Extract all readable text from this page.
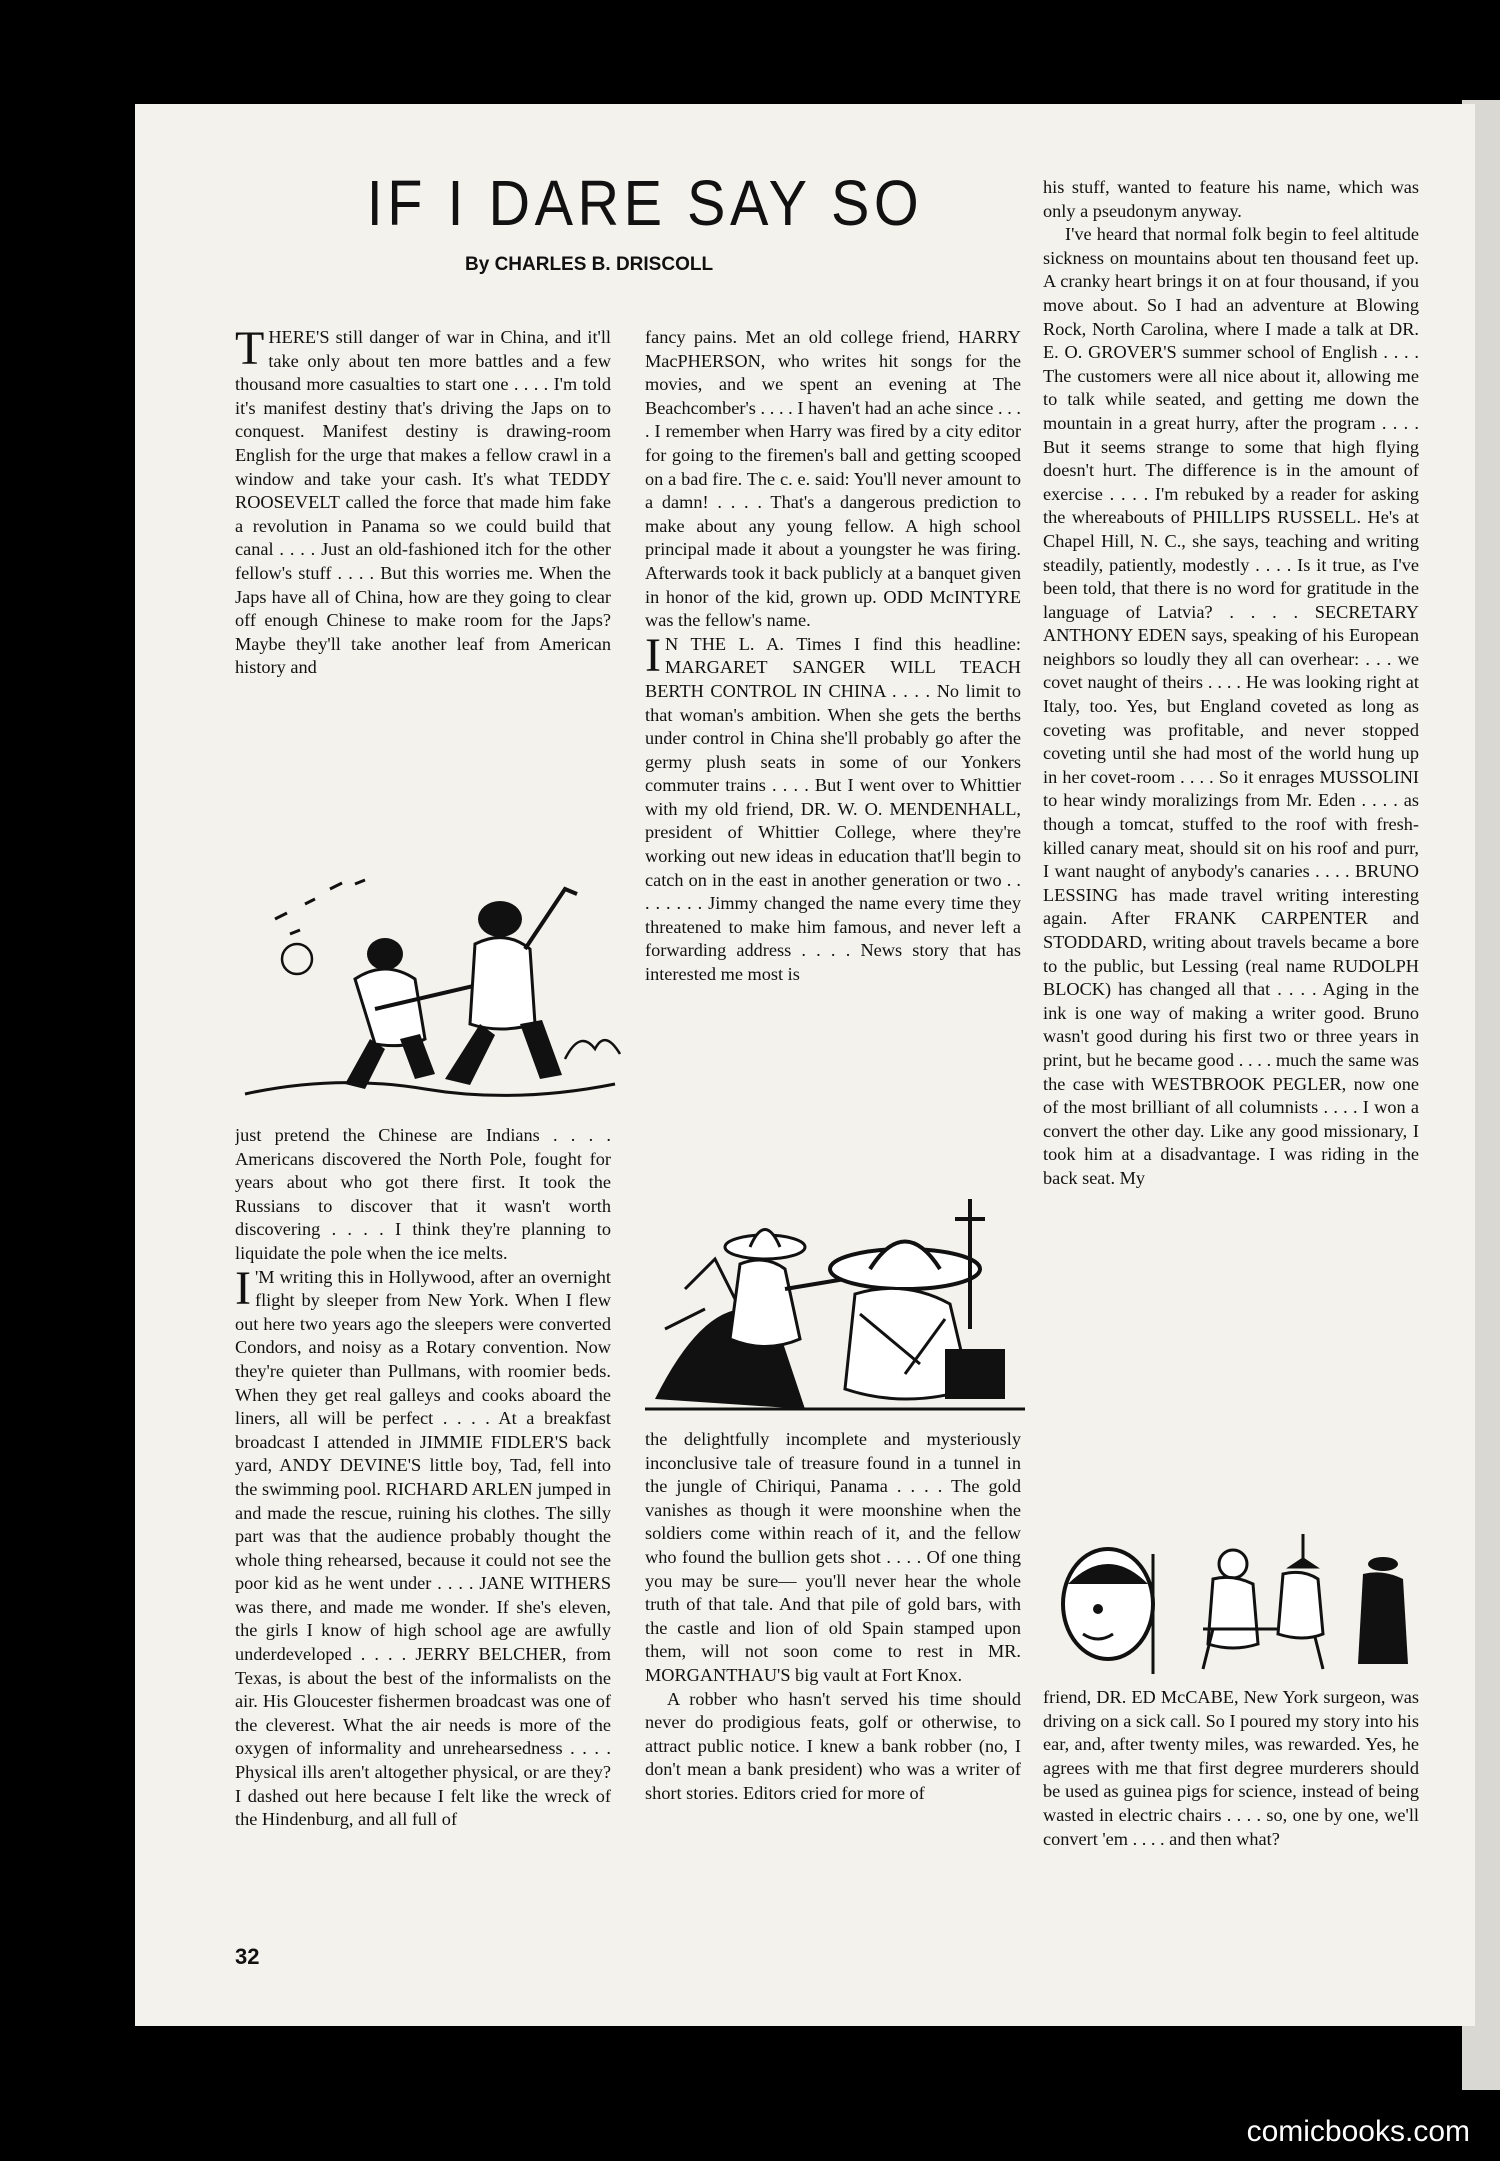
IF I DARE SAY SO
By CHARLES B. DRISCOLL

THERE'S still danger of war in China, and it'll take only about ten more battles and a few thousand more casualties to start one . . . . I'm told it's manifest destiny that's driving the Japs on to conquest. Manifest destiny is drawing-room English for the urge that makes a fellow crawl in a window and take your cash. It's what TEDDY ROOSEVELT called the force that made him fake a revolution in Panama so we could build that canal . . . . Just an old-fashioned itch for the other fellow's stuff . . . . But this worries me. When the Japs have all of China, how are they going to clear off enough Chinese to make room for the Japs? Maybe they'll take another leaf from American history and

just pretend the Chinese are Indians . . . . Americans discovered the North Pole, fought for years about who got there first. It took the Russians to discover that it wasn't worth discovering . . . . I think they're planning to liquidate the pole when the ice melts.

I 'M writing this in Hollywood, after an overnight flight by sleeper from New York. When I flew out here two years ago the sleepers were converted Condors, and noisy as a Rotary convention. Now they're quieter than Pullmans, with roomier beds. When they get real galleys and cooks aboard the liners, all will be perfect . . . . At a breakfast broadcast I attended in JIMMIE FIDLER'S back yard, ANDY DEVINE'S little boy, Tad, fell into the swimming pool. RICHARD ARLEN jumped in and made the rescue, ruining his clothes. The silly part was that the audience probably thought the whole thing rehearsed, because it could not see the poor kid as he went under . . . . JANE WITHERS was there, and made me wonder. If she's eleven, the girls I know of high school age are awfully underdeveloped . . . . JERRY BELCHER, from Texas, is about the best of the informalists on the air. His Gloucester fishermen broadcast was one of the cleverest. What the air needs is more of the oxygen of informality and unrehearsedness . . . . Physical ills aren't altogether physical, or are they? I dashed out here because I felt like the wreck of the Hindenburg, and all full of

fancy pains. Met an old college friend, HARRY MacPHERSON, who writes hit songs for the movies, and we spent an evening at The Beachcomber's . . . . I haven't had an ache since . . . . I remember when Harry was fired by a city editor for going to the firemen's ball and getting scooped on a bad fire. The c. e. said: You'll never amount to a damn! . . . . That's a dangerous prediction to make about any young fellow. A high school principal made it about a youngster he was firing. Afterwards took it back publicly at a banquet given in honor of the kid, grown up. ODD McINTYRE was the fellow's name.

I N THE L. A. Times I find this headline: MARGARET SANGER WILL TEACH BERTH CONTROL IN CHINA . . . . No limit to that woman's ambition. When she gets the berths under control in China she'll probably go after the germy plush seats in some of our Yonkers commuter trains . . . . But I went over to Whittier with my old friend, DR. W. O. MENDENHALL, president of Whittier College, where they're working out new ideas in education that'll begin to catch on in the east in another generation or two . . . . . . . . Jimmy changed the name every time they threatened to make him famous, and never left a forwarding address . . . . News story that has interested me most is

the delightfully incomplete and mysteriously inconclusive tale of treasure found in a tunnel in the jungle of Chiriqui, Panama . . . . The gold vanishes as though it were moonshine when the soldiers come within reach of it, and the fellow who found the bullion gets shot . . . . Of one thing you may be sure— you'll never hear the whole truth of that tale. And that pile of gold bars, with the castle and lion of old Spain stamped upon them, will not soon come to rest in MR. MORGANTHAU'S big vault at Fort Knox.

A robber who hasn't served his time should never do prodigious feats, golf or otherwise, to attract public notice. I knew a bank robber (no, I don't mean a bank president) who was a writer of short stories. Editors cried for more of

his stuff, wanted to feature his name, which was only a pseudonym anyway.

I've heard that normal folk begin to feel altitude sickness on mountains about ten thousand feet up. A cranky heart brings it on at four thousand, if you move about. So I had an adventure at Blowing Rock, North Carolina, where I made a talk at DR. E. O. GROVER'S summer school of English . . . . The customers were all nice about it, allowing me to talk while seated, and getting me down the mountain in a great hurry, after the program . . . . But it seems strange to some that high flying doesn't hurt. The difference is in the amount of exercise . . . . I'm rebuked by a reader for asking the whereabouts of PHILLIPS RUSSELL. He's at Chapel Hill, N. C., she says, teaching and writing steadily, patiently, modestly . . . . Is it true, as I've been told, that there is no word for gratitude in the language of Latvia? . . . . SECRETARY ANTHONY EDEN says, speaking of his European neighbors so loudly they all can overhear: . . . we covet naught of theirs . . . . He was looking right at Italy, too. Yes, but England coveted as long as coveting was profitable, and never stopped coveting until she had most of the world hung up in her covet-room . . . . So it enrages MUSSOLINI to hear windy moralizings from Mr. Eden . . . . as though a tomcat, stuffed to the roof with fresh-killed canary meat, should sit on his roof and purr, I want naught of anybody's canaries . . . . BRUNO LESSING has made travel writing interesting again. After FRANK CARPENTER and STODDARD, writing about travels became a bore to the public, but Lessing (real name RUDOLPH BLOCK) has changed all that . . . . Aging in the ink is one way of making a writer good. Bruno wasn't good during his first two or three years in print, but he became good . . . . much the same was the case with WESTBROOK PEGLER, now one of the most brilliant of all columnists . . . . I won a convert the other day. Like any good missionary, I took him at a disadvantage. I was riding in the back seat. My

friend, DR. ED McCABE, New York surgeon, was driving on a sick call. So I poured my story into his ear, and, after twenty miles, was rewarded. Yes, he agrees with me that first degree murderers should be used as guinea pigs for science, instead of being wasted in electric chairs . . . . so, one by one, we'll convert 'em . . . . and then what?

32
comicbooks.com
